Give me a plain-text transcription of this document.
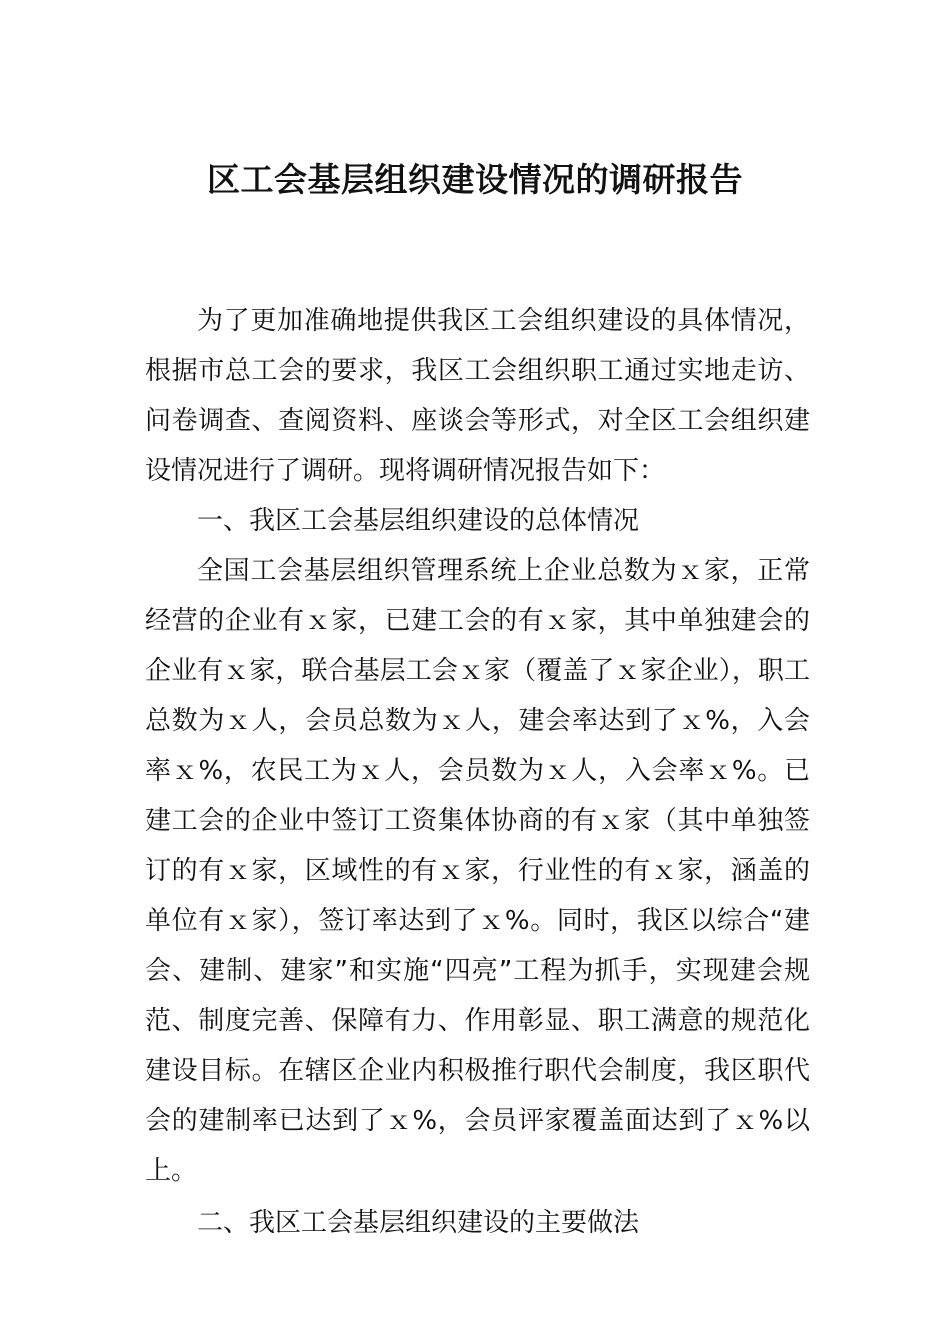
区工会基层组织建设情况的调研报告

为了更加准确地提供我区工会组织建设的具体情况，根据市总工会的要求，我区工会组织职工通过实地走访、问卷调查、查阅资料、座谈会等形式，对全区工会组织建设情况进行了调研。现将调研情况报告如下：

一、我区工会基层组织建设的总体情况

全国工会基层组织管理系统上企业总数为ｘ家，正常经营的企业有ｘ家，已建工会的有ｘ家，其中单独建会的企业有ｘ家，联合基层工会ｘ家（覆盖了ｘ家企业），职工总数为ｘ人，会员总数为ｘ人，建会率达到了ｘ%，入会率ｘ%，农民工为ｘ人，会员数为ｘ人，入会率ｘ%。已建工会的企业中签订工资集体协商的有ｘ家（其中单独签订的有ｘ家，区域性的有ｘ家，行业性的有ｘ家，涵盖的单位有ｘ家），签订率达到了ｘ%。同时，我区以综合“建会、建制、建家”和实施“四亮”工程为抓手，实现建会规范、制度完善、保障有力、作用彰显、职工满意的规范化建设目标。在辖区企业内积极推行职代会制度，我区职代会的建制率已达到了ｘ%，会员评家覆盖面达到了ｘ%以上。

二、我区工会基层组织建设的主要做法
